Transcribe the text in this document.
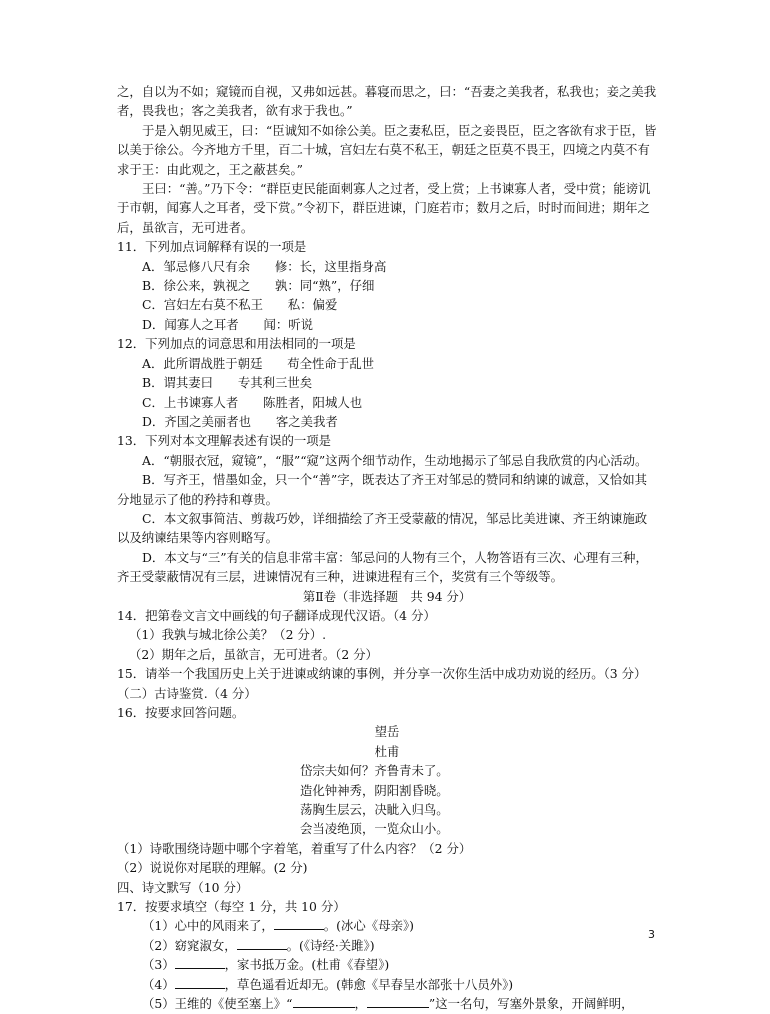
之，自以为不如；窥镜而自视，又弗如远甚。暮寝而思之，曰：“吾妻之美我者，私我也；妾之美我者，畏我也；客之美我者，欲有求于我也。”

于是入朝见威王，曰：“臣诚知不如徐公美。臣之妻私臣，臣之妾畏臣，臣之客欲有求于臣，皆以美于徐公。今齐地方千里，百二十城，宫妇左右莫不私王，朝廷之臣莫不畏王，四境之内莫不有求于王：由此观之，王之蔽甚矣。”

王曰：“善。”乃下令：“群臣吏民能面刺寡人之过者，受上赏；上书谏寡人者，受中赏；能谤讥于市朝，闻寡人之耳者，受下赏。”令初下，群臣进谏，门庭若市；数月之后，时时而间进；期年之后，虽欲言，无可进者。

11．下列加点词解释有误的一项是

A．邹忌修八尺有余　　修：长，这里指身高

B．徐公来，孰视之　　孰：同“熟”，仔细

C．宫妇左右莫不私王　　私：偏爱

D．闻寡人之耳者　　闻：听说

12．下列加点的词意思和用法相同的一项是

A．此所谓战胜于朝廷　　苟全性命于乱世

B．谓其妻曰　　专其利三世矣

C．上书谏寡人者　　陈胜者，阳城人也

D．齐国之美丽者也　　客之美我者

13．下列对本文理解表述有误的一项是

A．“朝服衣冠，窥镜”，“服”“窥”这两个细节动作，生动地揭示了邹忌自我欣赏的内心活动。

B．写齐王，惜墨如金，只一个“善”字，既表达了齐王对邹忌的赞同和纳谏的诚意，又恰如其分地显示了他的矜持和尊贵。

C．本文叙事简洁、剪裁巧妙，详细描绘了齐王受蒙蔽的情况，邹忌比美进谏、齐王纳谏施政以及纳谏结果等内容则略写。

D．本文与“三”有关的信息非常丰富：邹忌问的人物有三个，人物答语有三次、心理有三种，齐王受蒙蔽情况有三层，进谏情况有三种，进谏进程有三个，奖赏有三个等级等。

第Ⅱ卷（非选择题　共 94 分）

14．把第卷文言文中画线的句子翻译成现代汉语。（4 分）

（1）我孰与城北徐公美？（2 分）.

（2）期年之后，虽欲言，无可进者。（2 分）

15．请举一个我国历史上关于进谏或纳谏的事例，并分享一次你生活中成功劝说的经历。（3 分）

（二）古诗鉴赏.（4 分）

16．按要求回答问题。

望岳

杜甫

岱宗夫如何？齐鲁青未了。

造化钟神秀，阴阳割昏晓。

荡胸生层云，决眦入归鸟。

会当凌绝顶，一览众山小。

（1）诗歌围绕诗题中哪个字着笔，着重写了什么内容？（2 分）

（2）说说你对尾联的理解。(2 分)

四、诗文默写（10 分）

17．按要求填空（每空 1 分，共 10 分）

（1）心中的风雨来了，	。(冰心《母亲》)

（2）窈窕淑女，	。(《诗经·关雎》)

（3）	，家书抵万金。(杜甫《春望》)

（4）	，草色遥看近却无。(韩愈《早春呈水部张十八员外》)

（5）王维的《使至塞上》“	，	”这一名句，写塞外景象，开阔鲜明，

3
